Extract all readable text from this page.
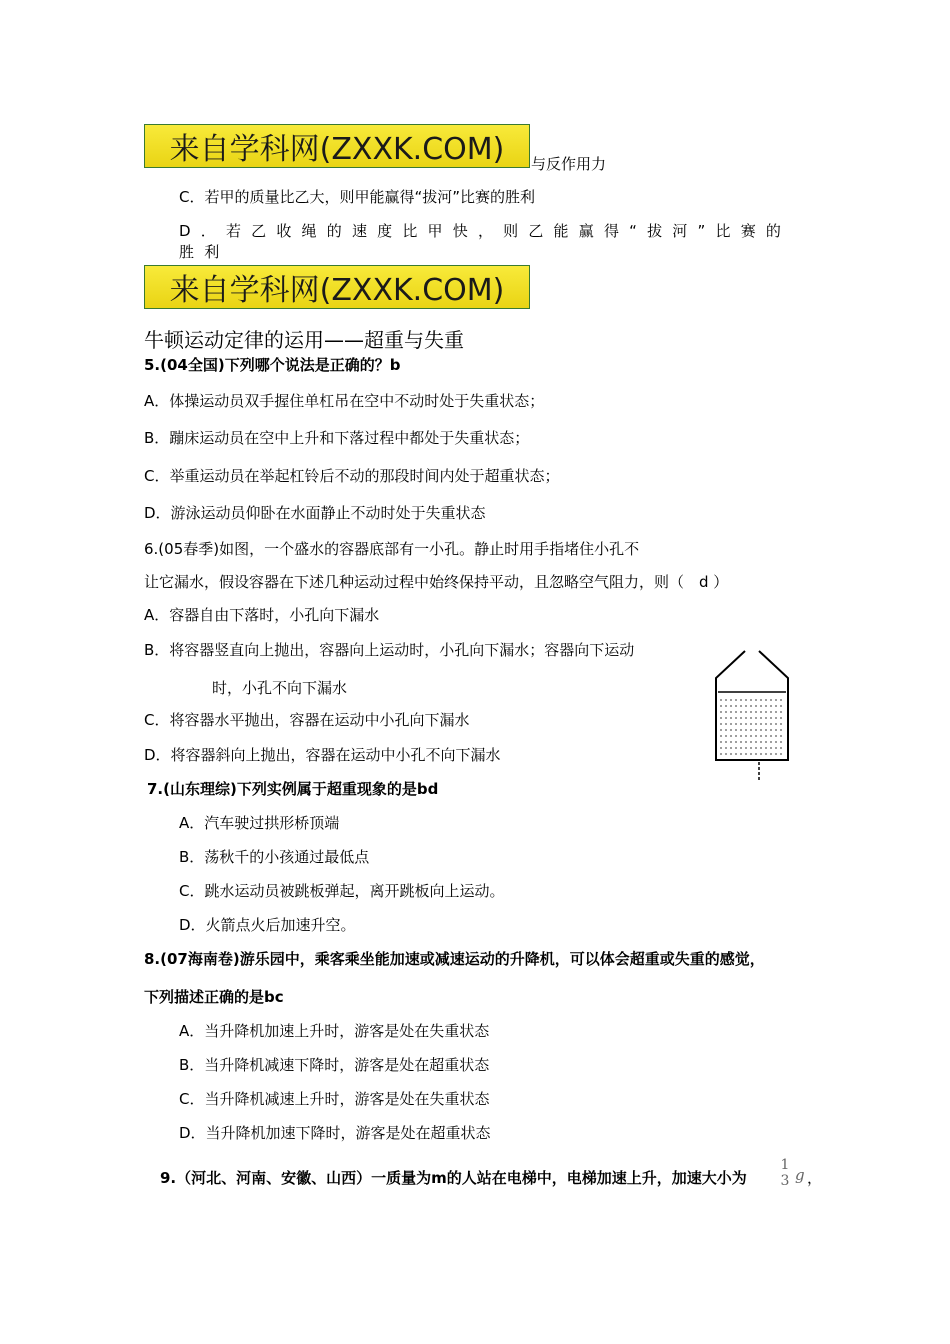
来自学科网(ZXXK.COM) 与反作用力
C．若甲的质量比乙大，则甲能赢得“拔河”比赛的胜利
D．若乙收绳的速度比甲快，则乙能赢得“拔河”比赛的胜利
来自学科网(ZXXK.COM)
牛顿运动定律的运用——超重与失重
5.(04全国)下列哪个说法是正确的？b
A．体操运动员双手握住单杠吊在空中不动时处于失重状态；
B．蹦床运动员在空中上升和下落过程中都处于失重状态；
C．举重运动员在举起杠铃后不动的那段时间内处于超重状态；
D．游泳运动员仰卧在水面静止不动时处于失重状态
6.(05春季)如图，一个盛水的容器底部有一小孔。静止时用手指堵住小孔不
让它漏水，假设容器在下述几种运动过程中始终保持平动，且忽略空气阻力，则（　d ）
A．容器自由下落时，小孔向下漏水
B．将容器竖直向上抛出，容器向上运动时，小孔向下漏水；容器向下运动
时，小孔不向下漏水
C．将容器水平抛出，容器在运动中小孔向下漏水
D．将容器斜向上抛出，容器在运动中小孔不向下漏水
7.(山东理综)下列实例属于超重现象的是bd
A．汽车驶过拱形桥顶端
B．荡秋千的小孩通过最低点
C．跳水运动员被跳板弹起，离开跳板向上运动。
D．火箭点火后加速升空。
8.(07海南卷)游乐园中，乘客乘坐能加速或减速运动的升降机，可以体会超重或失重的感觉，
下列描述正确的是bc
A．当升降机加速上升时，游客是处在失重状态
B．当升降机减速下降时，游客是处在超重状态
C．当升降机减速上升时，游客是处在失重状态
D．当升降机加速下降时，游客是处在超重状态
9.（河北、河南、安徽、山西）一质量为m的人站在电梯中，电梯加速上升，加速大小为
1
3 g ，
